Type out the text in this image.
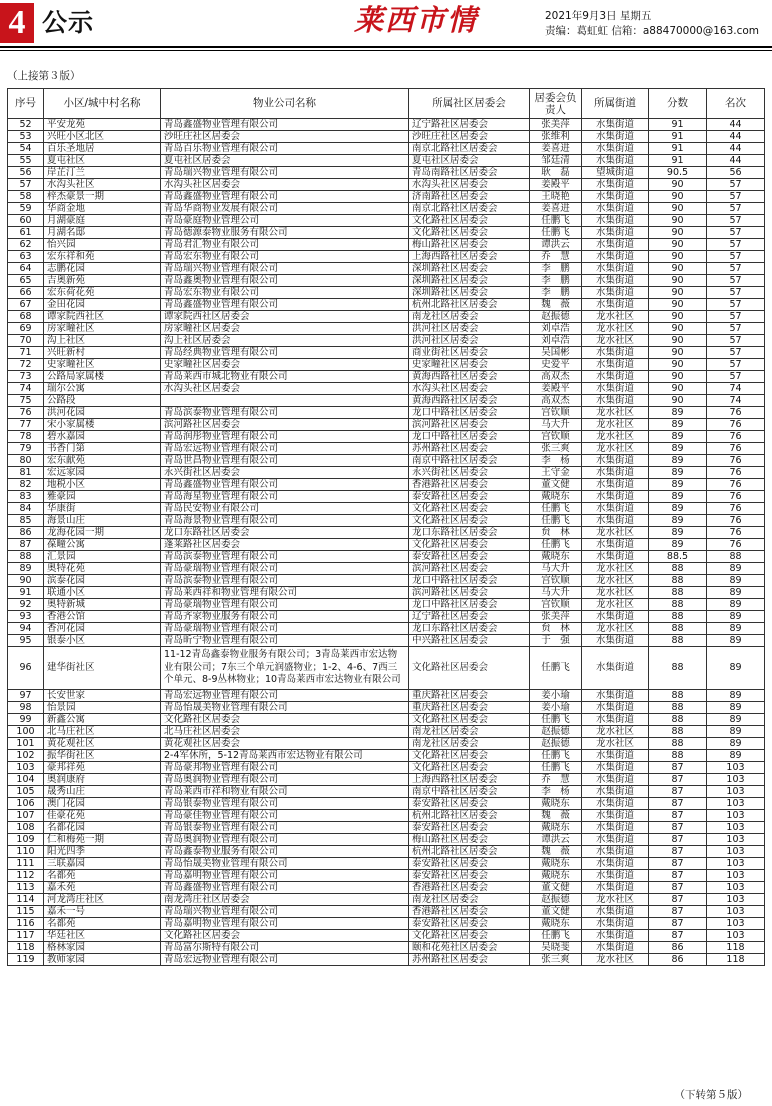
4 公示	莱西市情	2021年9月3日 星期五
责编：葛虹虹 信箱：a88470000@163.com
（上接第３版）
序号	小区/城中村名称	物业公司名称	所属社区居委会	居委会负责人	所属街道	分数	名次
52	平安龙苑	青岛鑫盛物业管理有限公司	辽宁路社区居委会	张美萍	水集街道	91	44
53	兴旺小区北区	沙旺庄社区居委会	沙旺庄社区居委会	张维利	水集街道	91	44
54	百乐圣地居	青岛百乐物业管理有限公司	南京北路社区居委会	姜喜进	水集街道	91	44
55	夏屯社区	夏屯社区居委会	夏屯社区居委会	邹廷清	水集街道	91	44
56	岸芷汀兰	青岛瑞兴物业管理有限公司	青岛南路社区居委会	耿　磊	望城街道	90.5	56
57	水沟头社区	水沟头社区居委会	水沟头社区居委会	姜殿平	水集街道	90	57
58	梓杰豪景一期	青岛鑫盛物业管理有限公司	济南路社区居委会	王晓艳	水集街道	90	57
59	华商金地	青岛华商物业发展有限公司	南京北路社区居委会	姜喜进	水集街道	90	57
60	月湖豪庭	青岛豪庭物业管理公司	文化路社区居委会	任鹏飞	水集街道	90	57
61	月湖名邸	青岛德源泰物业服务有限公司	文化路社区居委会	任鹏飞	水集街道	90	57
62	怡兴园	青岛君汇物业有限公司	梅山路社区居委会	谭洪云	水集街道	90	57
63	宏东祥和苑	青岛宏东物业有限公司	上海西路社区居委会	乔　慧	水集街道	90	57
64	志鹏花园	青岛瑞兴物业管理有限公司	深圳路社区居委会	李　鹏	水集街道	90	57
65	吉奥新苑	青岛鑫奥物业管理有限公司	深圳路社区居委会	李　鹏	水集街道	90	57
66	宏东荷花苑	青岛宏东物业有限公司	深圳路社区居委会	李　鹏	水集街道	90	57
67	金田花园	青岛鑫盛物业管理有限公司	杭州北路社区居委会	魏　薇	水集街道	90	57
68	谭家院西社区	谭家院西社区居委会	南龙社区居委会	赵振德	龙水社区	90	57
69	房家疃社区	房家疃社区居委会	洪河社区居委会	刘卓浩	龙水社区	90	57
70	沟上社区	沟上社区居委会	洪河社区居委会	刘卓浩	龙水社区	90	57
71	兴旺新村	青岛经典物业管理有限公司	商业街社区居委会	吴国彬	水集街道	90	57
72	史家疃社区	史家疃社区居委会	史家疃社区居委会	史爱平	水集街道	90	57
73	公路局家属楼	青岛莱西市城北物业有限公司	黄海西路社区居委会	高双杰	水集街道	90	57
74	瑞尔公寓	水沟头社区居委会	水沟头社区居委会	姜殿平	水集街道	90	74
75	公路段		黄海西路社区居委会	高双杰	水集街道	90	74
76	洪河花园	青岛滨泰物业管理有限公司	龙口中路社区居委会	宫钦顺	龙水社区	89	76
77	宋小家属楼	滨河路社区居委会	滨河路社区居委会	马大升	龙水社区	89	76
78	碧水嘉园	青岛润彤物业管理有限公司	龙口中路社区居委会	宫钦顺	龙水社区	89	76
79	书香门第	青岛宏远物业管理有限公司	苏州路社区居委会	张三爽	龙水社区	89	76
80	宏东献苑	青岛世昌物业管理有限公司	南京中路社区居委会	李　杨	水集街道	89	76
81	宏远家园	永兴街社区居委会	永兴街社区居委会	王守金	水集街道	89	76
82	地税小区	青岛鑫盛物业管理有限公司	香港路社区居委会	董文健	水集街道	89	76
83	雅豪园	青岛海星物业管理有限公司	泰安路社区居委会	戴晓东	水集街道	89	76
84	华康街	青岛民安物业有限公司	文化路社区居委会	任鹏飞	水集街道	89	76
85	海景山庄	青岛海景物业管理有限公司	文化路社区居委会	任鹏飞	水集街道	89	76
86	龙海花园一期	龙口东路社区居委会	龙口东路社区居委会	贠　林	龙水社区	89	76
87	葆疃公寓	蓬莱路社区居委会	文化路社区居委会	任鹏飞	水集街道	89	76
88	汇景园	青岛滨泰物业管理有限公司	泰安路社区居委会	戴晓东	水集街道	88.5	88
89	奥特花苑	青岛豪瑞物业管理有限公司	滨河路社区居委会	马大升	龙水社区	88	89
90	滨泰花园	青岛滨泰物业管理有限公司	龙口中路社区居委会	宫钦顺	龙水社区	88	89
91	联通小区	青岛莱西祥和物业管理有限公司	滨河路社区居委会	马大升	龙水社区	88	89
92	奥特新城	青岛豪瑞物业管理有限公司	龙口中路社区居委会	宫钦顺	龙水社区	88	89
93	香港公馆	青岛齐家物业服务有限公司	辽宁路社区居委会	张美萍	水集街道	88	89
94	香河花园	青岛豪瑞物业管理有限公司	龙口东路社区居委会	贠　林	龙水社区	88	89
95	银泰小区	青岛昕宁物业管理有限公司	中兴路社区居委会	于　强	水集街道	88	89
96	建华街社区	11-12青岛鑫泰物业服务有限公司；3青岛莱西市宏达物业有限公司；7东三个单元润盛物业；1-2、4-6、7西三个单元、8-9丛林物业；10青岛莱西市宏达物业有限公司	文化路社区居委会	任鹏飞	水集街道	88	89
97	长安世家	青岛宏远物业管理有限公司	重庆路社区居委会	姜小瑜	水集街道	88	89
98	怡景园	青岛怡晟美物业管理有限公司	重庆路社区居委会	姜小瑜	水集街道	88	89
99	新鑫公寓	文化路社区居委会	文化路社区居委会	任鹏飞	水集街道	88	89
100	北马庄社区	北马庄社区居委会	南龙社区居委会	赵振德	龙水社区	88	89
101	黄花观社区	黄花观社区居委会	南龙社区居委会	赵振德	龙水社区	88	89
102	振华街社区	2-4军休所，5-12青岛莱西市宏达物业有限公司	文化路社区居委会	任鹏飞	水集街道	88	89
103	豪邦祥苑	青岛豪邦物业管理有限公司	文化路社区居委会	任鹏飞	水集街道	87	103
104	奥润康府	青岛奥润物业管理有限公司	上海西路社区居委会	乔　慧	水集街道	87	103
105	晟秀山庄	青岛莱西市祥和物业有限公司	南京中路社区居委会	李　杨	水集街道	87	103
106	澳门花园	青岛银泰物业管理有限公司	泰安路社区居委会	戴晓东	水集街道	87	103
107	佳豪花苑	青岛豪佳物业管理有限公司	杭州北路社区居委会	魏　薇	水集街道	87	103
108	名都花园	青岛银泰物业管理有限公司	泰安路社区居委会	戴晓东	水集街道	87	103
109	仁和梅苑一期	青岛奥润物业管理有限公司	梅山路社区居委会	谭洪云	水集街道	87	103
110	阳光四季	青岛鑫泰物业服务有限公司	杭州北路社区居委会	魏　薇	水集街道	87	103
111	三联嘉园	青岛怡晟美物业管理有限公司	泰安路社区居委会	戴晓东	水集街道	87	103
112	名都苑	青岛嘉明物业管理有限公司	泰安路社区居委会	戴晓东	水集街道	87	103
113	嘉禾苑	青岛鑫盛物业管理有限公司	香港路社区居委会	董文健	水集街道	87	103
114	河龙湾庄社区	南龙湾庄社区居委会	南龙社区居委会	赵振德	龙水社区	87	103
115	嘉禾一号	青岛瑞兴物业管理有限公司	香港路社区居委会	董文健	水集街道	87	103
116	名都苑	青岛嘉明物业管理有限公司	泰安路社区居委会	戴晓东	水集街道	87	103
117	华廷社区	文化路社区居委会	文化路社区居委会	任鹏飞	水集街道	87	103
118	格林家园	青岛富尔斯特有限公司	颐和花苑社区居委会	吴晓斐	水集街道	86	118
119	教师家园	青岛宏远物业管理有限公司	苏州路社区居委会	张三爽	龙水社区	86	118
（下转第５版）
